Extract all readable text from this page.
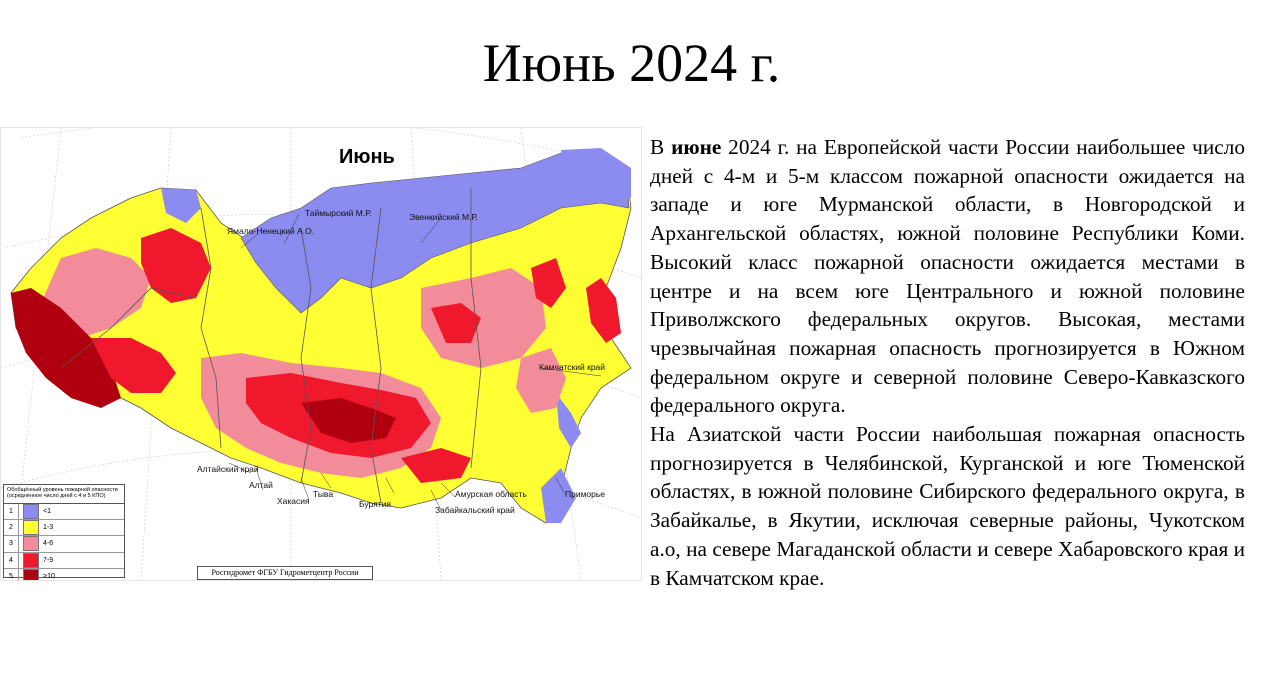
Июнь 2024 г.
Июнь
Таймырский М.Р.	Эвенкийский М.Р.
Ямало-Ненецкий А.О.
Камчатский край
Алтайский край
Алтай
Хакасия
Тыва
Бурятия
Амурская область
Забайкальский край
Приморье
Обобщённый уровень пожарной опасности (осреднённое число дней с 4 и 5 КПО)
1	<1
2	1-3
3	4-6
4	7-9
5	>10	Росгидромет ФГБУ Гидрометцентр России

В июне 2024 г. на Европейской части России наибольшее число дней с 4-м и 5-м классом пожарной опасности ожидается на западе и юге Мурманской области, в Новгородской и Архангельской областях, южной половине Республики Коми. Высокий класс пожарной опасности ожидается местами в центре и на всем юге Центрального и южной половине Приволжского федеральных округов. Высокая, местами чрезвычайная пожарная опасность прогнозируется в Южном федеральном округе и северной половине Северо-Кавказского федерального округа.

На Азиатской части России наибольшая пожарная опасность прогнозируется в Челябинской, Курганской и юге Тюменской областях, в южной половине Сибирского федерального округа, в Забайкалье, в Якутии, исключая северные районы, Чукотском а.о, на севере Магаданской области и севере Хабаровского края и в Камчатском крае.
